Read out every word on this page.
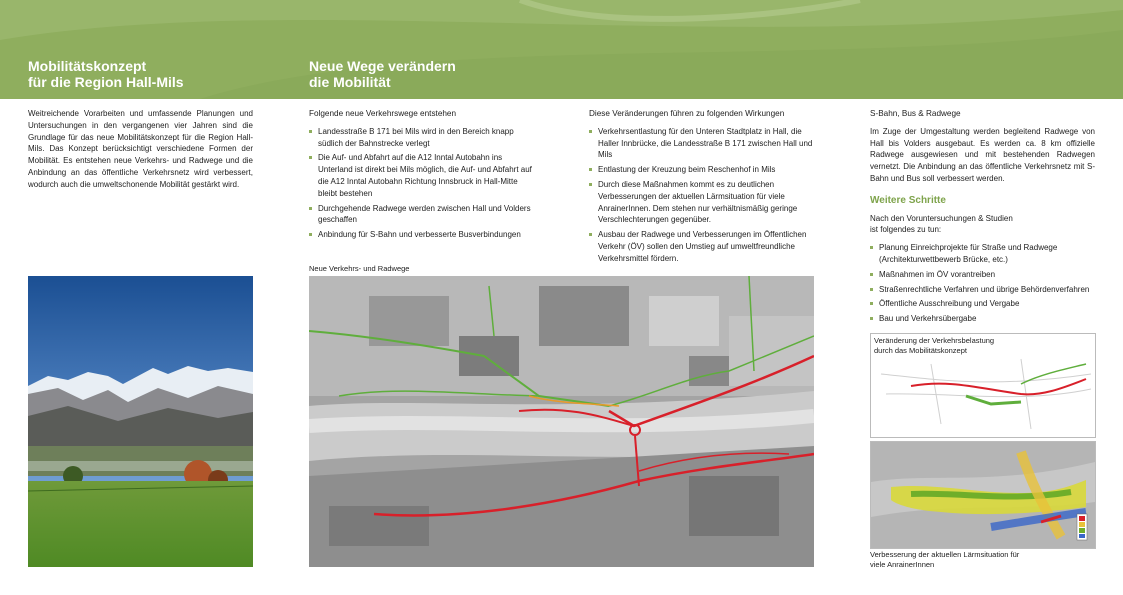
Mobilitätskonzept
für die Region Hall-Mils
Neue Wege verändern
die Mobilität

Weitreichende Vorarbeiten und umfassende Planungen und Untersuchungen in den vergangenen vier Jahren sind die Grundlage für das neue Mobilitätskonzept für die Region Hall-Mils. Das Konzept berücksichtigt verschiedene Formen der Mobilität. Es entstehen neue Verkehrs- und Radwege und die Anbindung an das öffentliche Verkehrsnetz wird verbessert, wodurch auch die umweltschonende Mobilität gestärkt wird.

Folgende neue Verkehrswege entstehen
Landesstraße B 171 bei Mils wird in den Bereich knapp südlich der Bahnstrecke verlegt
Die Auf- und Abfahrt auf die A12 Inntal Autobahn ins Unterland ist direkt bei Mils möglich, die Auf- und Abfahrt auf die A12 Inntal Autobahn Richtung Innsbruck in Hall-Mitte bleibt bestehen
Durchgehende Radwege werden zwischen Hall und Volders geschaffen
Anbindung für S-Bahn und verbesserte Busverbindungen
Diese Veränderungen führen zu folgenden Wirkungen
Verkehrsentlastung für den Unteren Stadtplatz in Hall, die Haller Innbrücke, die Landesstraße B 171 zwischen Hall und Mils
Entlastung der Kreuzung beim Reschenhof in Mils
Durch diese Maßnahmen kommt es zu deutlichen Verbesserungen der aktuellen Lärmsituation für viele AnrainerInnen. Dem stehen nur verhältnismäßig geringe Verschlechterungen gegenüber.
Ausbau der Radwege und Verbesserungen im Öffentlichen Verkehr (ÖV) sollen den Umstieg auf umweltfreundliche Verkehrsmittel fördern.
Neue Verkehrs- und Radwege
S-Bahn, Bus & Radwege

Im Zuge der Umgestaltung werden begleitend Radwege von Hall bis Volders ausgebaut. Es werden ca. 8 km offizielle Radwege ausgewiesen und mit bestehenden Radwegen vernetzt. Die Anbindung an das öffentliche Verkehrsnetz mit S-Bahn und Bus soll verbessert werden.

Weitere Schritte
Nach den Voruntersuchungen & Studien
ist folgendes zu tun:
Planung Einreichprojekte für Straße und Radwege (Architekturwettbewerb Brücke, etc.)
Maßnahmen im ÖV vorantreiben
Straßenrechtliche Verfahren und übrige Behördenverfahren
Öffentliche Ausschreibung und Vergabe
Bau und Verkehrsübergabe
Veränderung der Verkehrsbelastung
durch das Mobilitätskonzept
Verbesserung der aktuellen Lärmsituation für
viele AnrainerInnen
